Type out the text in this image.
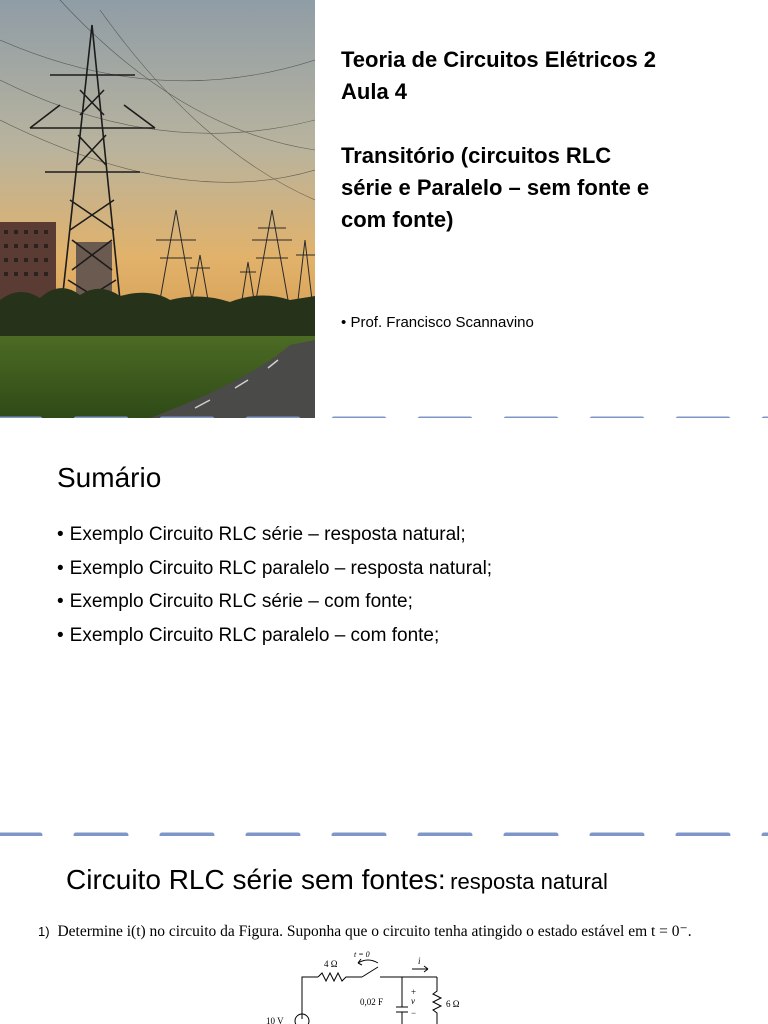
Teoria de Circuitos Elétricos 2
Aula 4
Transitório (circuitos RLC
série e Paralelo – sem fonte e
com fonte)
• Prof. Francisco Scannavino
Sumário
• Exemplo Circuito RLC série – resposta natural;
• Exemplo Circuito RLC paralelo – resposta natural;
• Exemplo Circuito RLC série – com fonte;
• Exemplo Circuito RLC paralelo – com fonte;
Circuito RLC série sem fontes: resposta natural
1) Determine i(t) no circuito da Figura. Suponha que o circuito tenha atingido o estado estável em t = 0⁻.
4 Ω
t = 0
i
0,02 F
+
v
−
6 Ω
10 V
